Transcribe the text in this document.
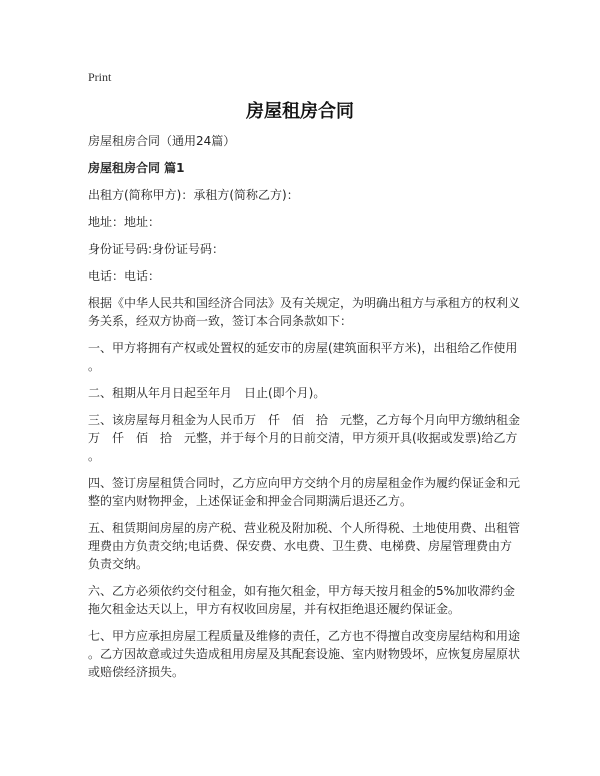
Print
房屋租房合同

房屋租房合同（通用24篇）

房屋租房合同 篇1

出租方(简称甲方)：承租方(简称乙方)：

地址：地址：

身份证号码:身份证号码：

电话：电话：

根据《中华人民共和国经济合同法》及有关规定，为明确出租方与承租方的权利义
务关系，经双方协商一致，签订本合同条款如下：

一、甲方将拥有产权或处置权的延安市的房屋(建筑面积平方米)，出租给乙作使用
。

二、租期从年月日起至年月　日止(即个月)。

三、该房屋每月租金为人民币万　仟　佰　拾　元整，乙方每个月向甲方缴纳租金
万　仟　佰　拾　元整，并于每个月的日前交清，甲方须开具(收据或发票)给乙方
。

四、签订房屋租赁合同时，乙方应向甲方交纳个月的房屋租金作为履约保证金和元
整的室内财物押金，上述保证金和押金合同期满后退还乙方。

五、租赁期间房屋的房产税、营业税及附加税、个人所得税、土地使用费、出租管
理费由方负责交纳;电话费、保安费、水电费、卫生费、电梯费、房屋管理费由方
负责交纳。

六、乙方必须依约交付租金，如有拖欠租金，甲方每天按月租金的5%加收滞约金
拖欠租金达天以上，甲方有权收回房屋，并有权拒绝退还履约保证金。

七、甲方应承担房屋工程质量及维修的责任，乙方也不得擅自改变房屋结构和用途
。乙方因故意或过失造成租用房屋及其配套设施、室内财物毁坏，应恢复房屋原状
或赔偿经济损失。
